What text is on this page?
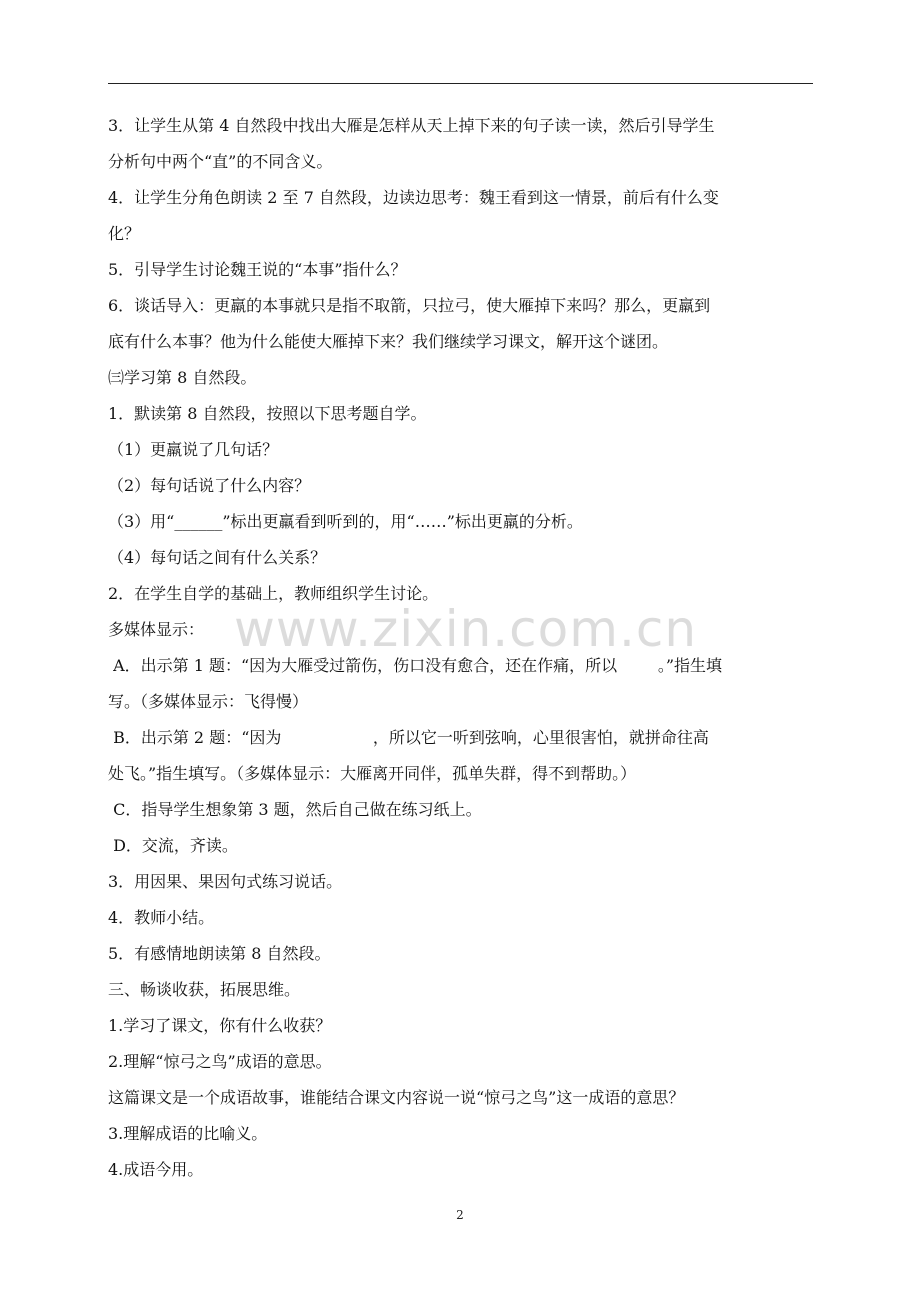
3．让学生从第 4 自然段中找出大雁是怎样从天上掉下来的句子读一读，然后引导学生
分析句中两个“直”的不同含义。
4．让学生分角色朗读 2 至 7 自然段，边读边思考：魏王看到这一情景，前后有什么变
化？
5．引导学生讨论魏王说的“本事”指什么？
6．谈话导入：更羸的本事就只是指不取箭，只拉弓，使大雁掉下来吗？那么，更羸到
底有什么本事？他为什么能使大雁掉下来？我们继续学习课文，解开这个谜团。
㈢学习第 8 自然段。
1．默读第 8 自然段，按照以下思考题自学。
（1）更羸说了几句话？
（2）每句话说了什么内容？
（3）用“______”标出更羸看到听到的，用“……”标出更羸的分析。
（4）每句话之间有什么关系？
2．在学生自学的基础上，教师组织学生讨论。
多媒体显示：
A．出示第 1 题：“因为大雁受过箭伤，伤口没有愈合，还在作痛，所以        。”指生填
写。（多媒体显示：飞得慢）
B．出示第 2 题：“因为                  ，所以它一听到弦响，心里很害怕，就拼命往高
处飞。”指生填写。（多媒体显示：大雁离开同伴，孤单失群，得不到帮助。）
C．指导学生想象第 3 题，然后自己做在练习纸上。
D．交流，齐读。
3．用因果、果因句式练习说话。
4．教师小结。
5．有感情地朗读第 8 自然段。
三、畅谈收获，拓展思维。
1.学习了课文，你有什么收获？
2.理解“惊弓之鸟”成语的意思。
这篇课文是一个成语故事，谁能结合课文内容说一说“惊弓之鸟”这一成语的意思？
3.理解成语的比喻义。
4.成语今用。
www.zixin.com.cn
2
